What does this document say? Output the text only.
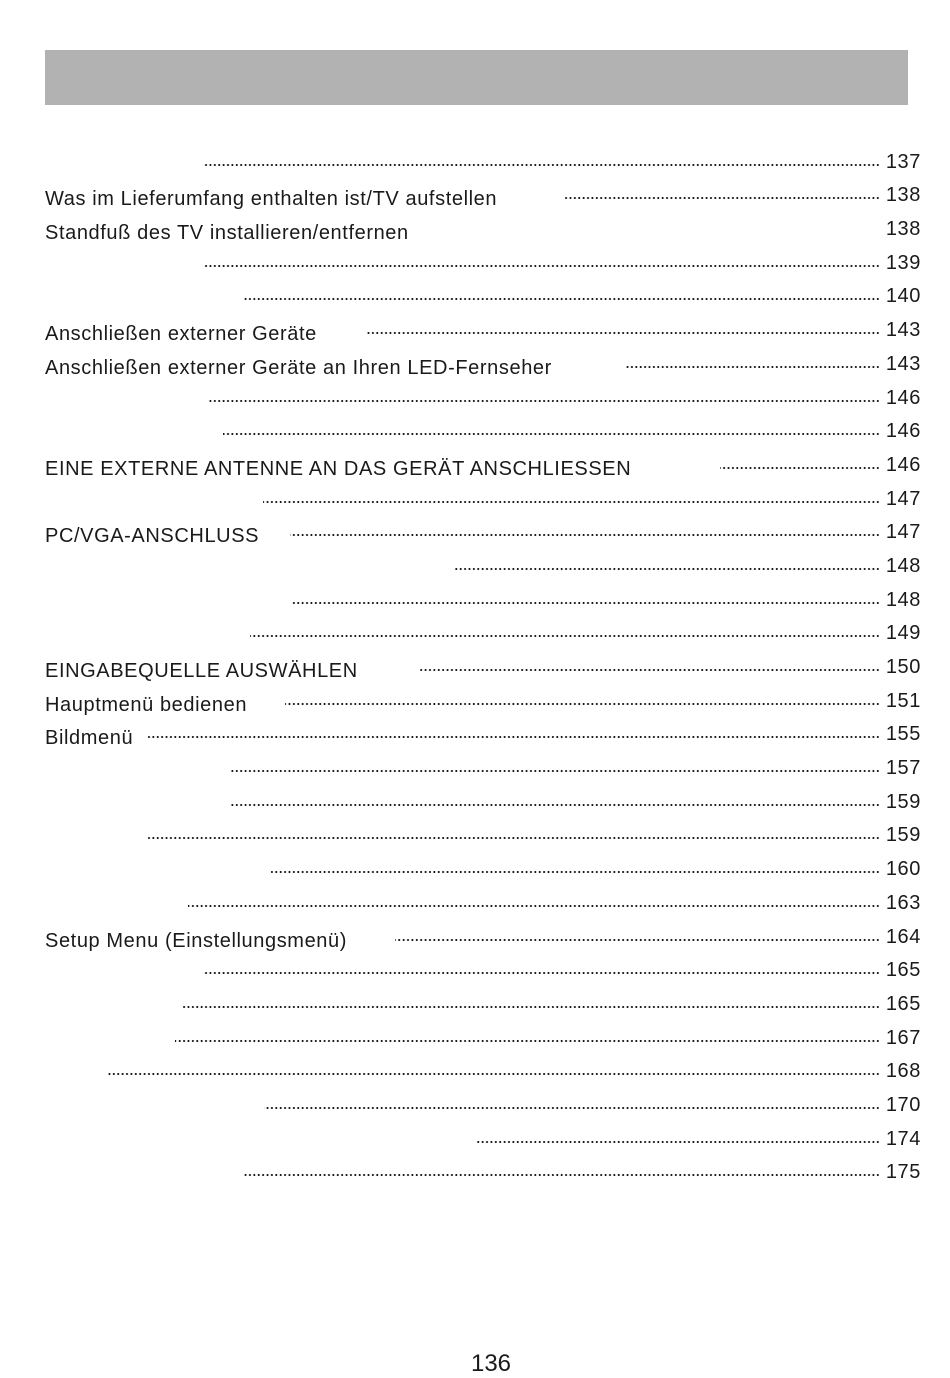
137
Was im Lieferumfang enthalten ist/TV aufstellen	138
Standfuß des TV installieren/entfernen	138
139
140
Anschließen externer Geräte	143
Anschließen externer Geräte an Ihren LED-Fernseher	143
146
146
EINE EXTERNE ANTENNE AN DAS GERÄT ANSCHLIESSEN	146
147
PC/VGA-ANSCHLUSS	147
148
148
149
EINGABEQUELLE AUSWÄHLEN	150
Hauptmenü bedienen	151
Bildmenü	155
157
159
159
160
163
Setup Menu (Einstellungsmenü)	164
165
165
167
168
170
174
175
136
